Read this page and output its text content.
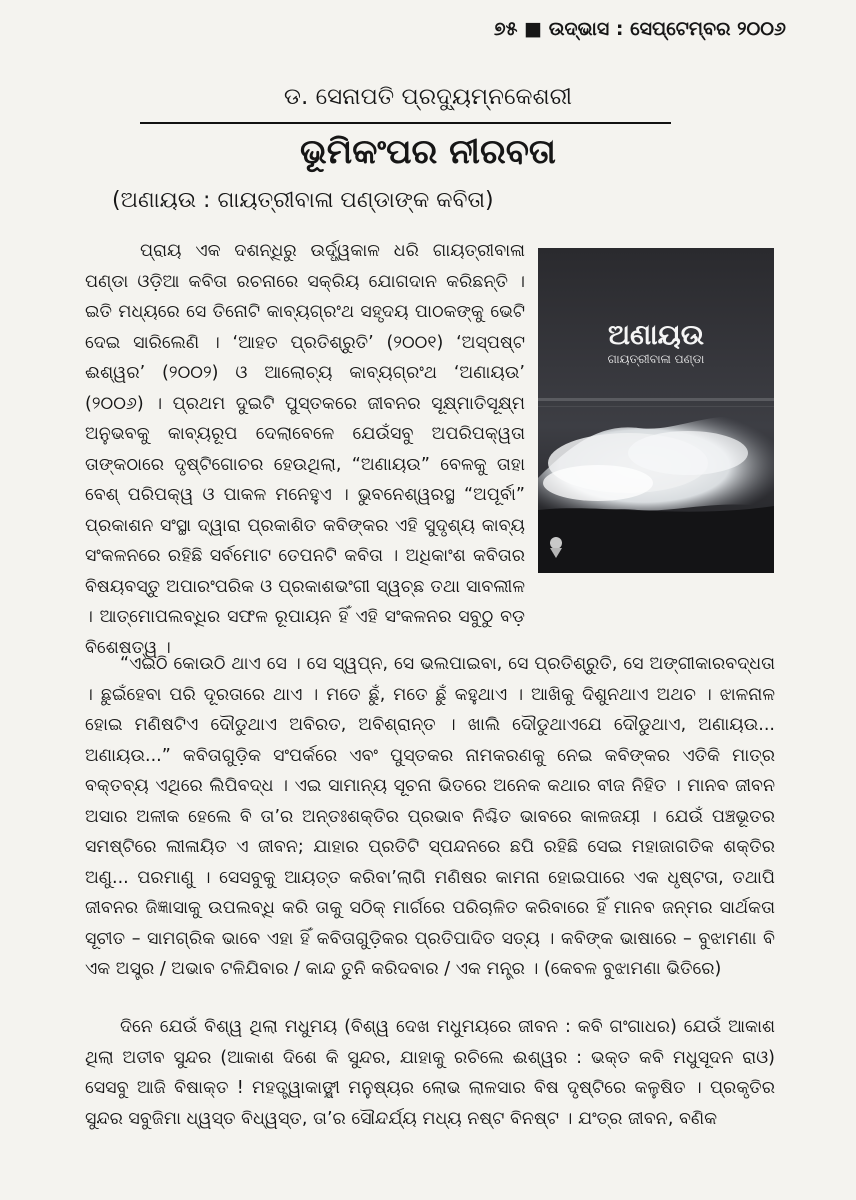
୭୫ ■ ଉଦ୍‌ଭାସ : ସେପ୍ଟେମ୍ବର ୨୦୦୬
ଡ. ସେନାପତି ପ୍ରଦ୍ୟୁମ୍ନକେଶରୀ
ଭୂମିକଂପର ନୀରବତା
(ଅଣାୟଉ : ଗାୟତ୍ରୀବାଳା ପଣ୍ଡାଙ୍କ କବିତା)
ଅଣାୟଉ
ଗାୟତ୍ରୀବାଳା ପଣ୍ଡା

ପ୍ରାୟ ଏକ ଦଶନ୍ଧିରୁ ଉର୍ଦ୍ଧ୍ୱକାଳ ଧରି ଗାୟତ୍ରୀବାଳା ପଣ୍ଡା ଓଡ଼ିଆ କବିତା ରଚନାରେ ସକ୍ରିୟ ଯୋଗଦାନ କରିଛନ୍ତି । ଇତି ମଧ୍ୟରେ ସେ ତିନୋଟି କାବ୍ୟଗ୍ରଂଥ ସହୃଦୟ ପାଠକଙ୍କୁ ଭେଟି ଦେଇ ସାରିଲେଣି । ‘ଆହତ ପ୍ରତିଶ୍ରୁତି’ (୨୦୦୧) ‘ଅସ୍ପଷ୍ଟ ଈଶ୍ୱର’ (୨୦୦୨) ଓ ଆଲୋଚ୍ୟ କାବ୍ୟଗ୍ରଂଥ ‘ଅଣାୟଉ’ (୨୦୦୬) । ପ୍ରଥମ ଦୁଇଟି ପୁସ୍ତକରେ ଜୀବନର ସୂକ୍ଷ୍ମାତିସୂକ୍ଷ୍ମ ଅନୁଭବକୁ କାବ୍ୟରୂପ ଦେଲାବେଳେ ଯେଉଁସବୁ ଅପରିପକ୍ୱତା ତାଙ୍କଠାରେ ଦୃଷ୍ଟିଗୋଚର ହେଉଥିଲା, “ଅଣାୟଉ” ବେଳକୁ ତାହା ବେଶ୍ ପରିପକ୍ୱ ଓ ପାକଳ ମନେହୁଏ । ଭୁବନେଶ୍ୱରସ୍ଥ “ଅପୂର୍ବା” ପ୍ରକାଶନ ସଂସ୍ଥା ଦ୍ୱାରା ପ୍ରକାଶିତ କବିଙ୍କର ଏହି ସୁଦୃଶ୍ୟ କାବ୍ୟ ସଂକଳନରେ ରହିଛି ସର୍ବମୋଟ ତେପନଟି କବିତା । ଅଧିକାଂଶ କବିତାର ବିଷୟବସ୍ତୁ ଅପାରଂପରିକ ଓ ପ୍ରକାଶଭଂଗୀ ସ୍ୱଚ୍ଛ ତଥା ସାବଲୀଳ । ଆତ୍ମୋପଲବ୍ଧିର ସଫଳ ରୂପାୟନ ହିଁ ଏହି ସଂକଳନର ସବୁଠୁ ବଡ଼ ବିଶେଷତ୍ୱ ।

“ଏଇଠି କୋଉଠି ଥାଏ ସେ । ସେ ସ୍ୱପ୍ନ, ସେ ଭଲପାଇବା, ସେ ପ୍ରତିଶ୍ରୁତି, ସେ ଅଙ୍ଗୀକାରବଦ୍ଧତା । ଛୁଇଁହେବା ପରି ଦୂରତାରେ ଥାଏ । ମତେ ଛୁଁ, ମତେ ଛୁଁ କହୁଥାଏ । ଆଖିକୁ ଦିଶୁନଥାଏ ଅଥଚ । ଝାଳନାଳ ହୋଇ ମଣିଷଟିଏ ଦୌଡୁଥାଏ ଅବିରତ, ଅବିଶ୍ରାନ୍ତ । ଖାଲି ଦୌଡୁଥାଏଯେ ଦୌଡୁଥାଏ, ଅଣାୟଉ... ଅଣାୟଉ...” କବିତାଗୁଡ଼ିକ ସଂପର୍କରେ ଏବଂ ପୁସ୍ତକର ନାମକରଣକୁ ନେଇ କବିଙ୍କର ଏତିକି ମାତ୍ର ବକ୍ତବ୍ୟ ଏଥିରେ ଲିପିବଦ୍ଧ । ଏଇ ସାମାନ୍ୟ ସୂଚନା ଭିତରେ ଅନେକ କଥାର ବୀଜ ନିହିତ । ମାନବ ଜୀବନ ଅସାର ଅଳୀକ ହେଲେ ବି ତା’ର ଅନ୍ତଃଶକ୍ତିର ପ୍ରଭାବ ନିଶ୍ଚିତ ଭାବରେ କାଳଜୟୀ । ଯେଉଁ ପଞ୍ଚଭୂତର ସମଷ୍ଟିରେ ଲୀଳାୟିତ ଏ ଜୀବନ; ଯାହାର ପ୍ରତିଟି ସ୍ପନ୍ଦନରେ ଛପି ରହିଛି ସେଇ ମହାଜାଗତିକ ଶକ୍ତିର ଅଣୁ... ପରମାଣୁ । ସେସବୁକୁ ଆୟତ୍ତ କରିବା’ଲାଗି ମଣିଷର କାମନା ହୋଇପାରେ ଏକ ଧୃଷ୍ଟତା, ତଥାପି ଜୀବନର ଜିଜ୍ଞାସାକୁ ଉପଲବ୍ଧି କରି ତାକୁ ସଠିକ୍ ମାର୍ଗରେ ପରିଚାଳିତ କରିବାରେ ହିଁ ମାନବ ଜନ୍ମର ସାର୍ଥକତା ସୂଚୀତ – ସାମଗ୍ରିକ ଭାବେ ଏହା ହିଁ କବିତାଗୁଡ଼ିକର ପ୍ରତିପାଦିତ ସତ୍ୟ । କବିଙ୍କ ଭାଷାରେ – ବୁଝାମଣା ବି ଏକ ଅସ୍ତ୍ର / ଅଭାବ ଟଳିଯିବାର / କାନ୍ଦ ତୁନି କରିଦବାର / ଏକ ମନ୍ତ୍ର । (କେବଳ ବୁଝାମଣା ଭିତିରେ)

ଦିନେ ଯେଉଁ ବିଶ୍ୱ ଥିଲା ମଧୁମୟ (ବିଶ୍ୱ ଦେଖ ମଧୁମୟରେ ଜୀବନ : କବି ଗଂଗାଧର) ଯେଉଁ ଆକାଶ ଥିଲା ଅତୀବ ସୁନ୍ଦର (ଆକାଶ ଦିଶେ କି ସୁନ୍ଦର, ଯାହାକୁ ରଚିଲେ ଈଶ୍ୱର : ଭକ୍ତ କବି ମଧୁସୂଦନ ରାଓ) ସେସବୁ ଆଜି ବିଷାକ୍ତ ! ମହତ୍ତ୍ୱାକାଙ୍କ୍ଷୀ ମନୁଷ୍ୟର ଲୋଭ ଲାଳସାର ବିଷ ଦୃଷ୍ଟିରେ କଳୁଷିତ । ପ୍ରକୃତିର ସୁନ୍ଦର ସବୁଜିମା ଧ୍ୱସ୍ତ ବିଧ୍ୱସ୍ତ, ତା’ର ସୌନ୍ଦର୍ଯ୍ୟ ମଧ୍ୟ ନଷ୍ଟ ବିନଷ୍ଟ । ଯଂତ୍ର ଜୀବନ, ବଣିକ
